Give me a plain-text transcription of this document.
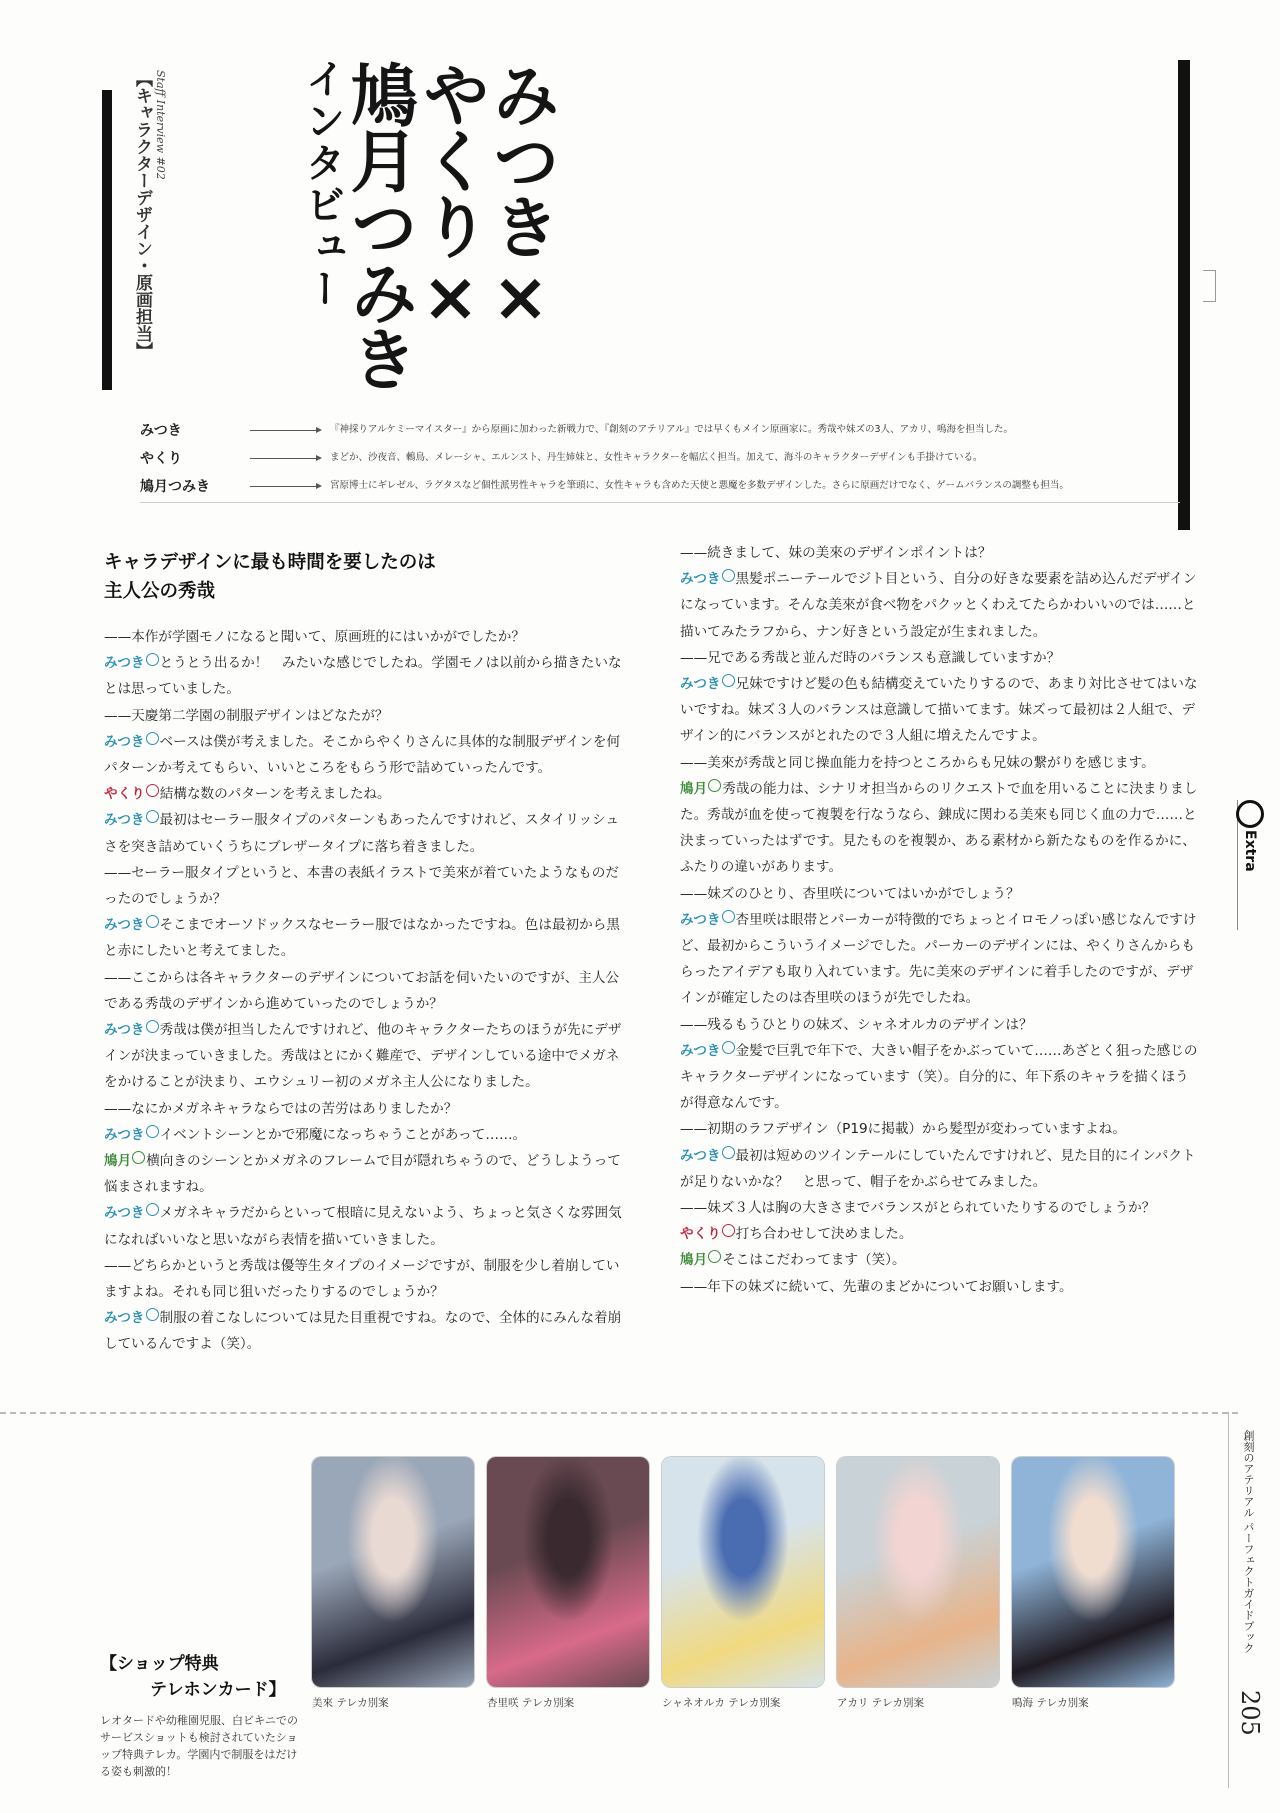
【キャラクターデザイン・原画担当】 Staff Interview #02	みつき×
やくり×
鳩月つみき
インタビュー
みつき	『神採りアルケミーマイスター』から原画に加わった新戦力で、『創刻のアテリアル』では早くもメイン原画家に。秀哉や妹ズの3人、アカリ、鳴海を担当した。
やくり	まどか、沙夜音、鶫鳥、メレーシャ、エルンスト、丹生姉妹と、女性キャラクターを幅広く担当。加えて、海斗のキャラクターデザインも手掛けている。
鳩月つみき	宮原博士にギレゼル、ラグタスなど個性派男性キャラを筆頭に、女性キャラも含めた天使と悪魔を多数デザインした。さらに原画だけでなく、ゲームバランスの調整も担当。
キャラデザインに最も時間を要したのは
主人公の秀哉

——本作が学園モノになると聞いて、原画班的にはいかがでしたか？

みつき とうとう出るか！　みたいな感じでしたね。学園モノは以前から描きたいなとは思っていました。

——天慶第二学園の制服デザインはどなたが？

みつき ベースは僕が考えました。そこからやくりさんに具体的な制服デザインを何パターンか考えてもらい、いいところをもらう形で詰めていったんです。

やくり 結構な数のパターンを考えましたね。

みつき 最初はセーラー服タイプのパターンもあったんですけれど、スタイリッシュさを突き詰めていくうちにブレザータイプに落ち着きました。

——セーラー服タイプというと、本書の表紙イラストで美來が着ていたようなものだったのでしょうか？

みつき そこまでオーソドックスなセーラー服ではなかったですね。色は最初から黒と赤にしたいと考えてました。

——ここからは各キャラクターのデザインについてお話を伺いたいのですが、主人公である秀哉のデザインから進めていったのでしょうか？

みつき 秀哉は僕が担当したんですけれど、他のキャラクターたちのほうが先にデザインが決まっていきました。秀哉はとにかく難産で、デザインしている途中でメガネをかけることが決まり、エウシュリー初のメガネ主人公になりました。

——なにかメガネキャラならではの苦労はありましたか？

みつき イベントシーンとかで邪魔になっちゃうことがあって……。

鳩月 横向きのシーンとかメガネのフレームで目が隠れちゃうので、どうしようって悩まされますね。

みつき メガネキャラだからといって根暗に見えないよう、ちょっと気さくな雰囲気になればいいなと思いながら表情を描いていきました。

——どちらかというと秀哉は優等生タイプのイメージですが、制服を少し着崩していますよね。それも同じ狙いだったりするのでしょうか？

みつき 制服の着こなしについては見た目重視ですね。なので、全体的にみんな着崩しているんですよ（笑）。

——続きまして、妹の美來のデザインポイントは？

みつき 黒髪ポニーテールでジト目という、自分の好きな要素を詰め込んだデザインになっています。そんな美來が食べ物をパクッとくわえてたらかわいいのでは……と描いてみたラフから、ナン好きという設定が生まれました。

——兄である秀哉と並んだ時のバランスも意識していますか？

みつき 兄妹ですけど髪の色も結構変えていたりするので、あまり対比させてはいないですね。妹ズ３人のバランスは意識して描いてます。妹ズって最初は２人組で、デザイン的にバランスがとれたので３人組に増えたんですよ。

——美來が秀哉と同じ操血能力を持つところからも兄妹の繋がりを感じます。

鳩月 秀哉の能力は、シナリオ担当からのリクエストで血を用いることに決まりました。秀哉が血を使って複製を行なうなら、錬成に関わる美來も同じく血の力で……と決まっていったはずです。見たものを複製か、ある素材から新たなものを作るかに、ふたりの違いがあります。

——妹ズのひとり、杏里咲についてはいかがでしょう？

みつき 杏里咲は眼帯とパーカーが特徴的でちょっとイロモノっぽい感じなんですけど、最初からこういうイメージでした。パーカーのデザインには、やくりさんからもらったアイデアも取り入れています。先に美來のデザインに着手したのですが、デザインが確定したのは杏里咲のほうが先でしたね。

——残るもうひとりの妹ズ、シャネオルカのデザインは？

みつき 金髪で巨乳で年下で、大きい帽子をかぶっていて……あざとく狙った感じのキャラクターデザインになっています（笑）。自分的に、年下系のキャラを描くほうが得意なんです。

——初期のラフデザイン（P19に掲載）から髪型が変わっていますよね。

みつき 最初は短めのツインテールにしていたんですけれど、見た目的にインパクトが足りないかな？　と思って、帽子をかぶらせてみました。

——妹ズ３人は胸の大きさまでバランスがとられていたりするのでしょうか？

やくり 打ち合わせして決めました。

鳩月 そこはこだわってます（笑）。

——年下の妹ズに続いて、先輩のまどかについてお願いします。

Extra
創刻のアテリアル パーフェクトガイドブック
205
【ショップ特典
テレホンカード】
レオタードや幼稚園児服、白ビキニでのサービスショットも検討されていたショップ特典テレカ。学園内で制服をはだける姿も刺激的！
美來 テレカ別案	杏里咲 テレカ別案	シャネオルカ テレカ別案	アカリ テレカ別案	鳴海 テレカ別案
